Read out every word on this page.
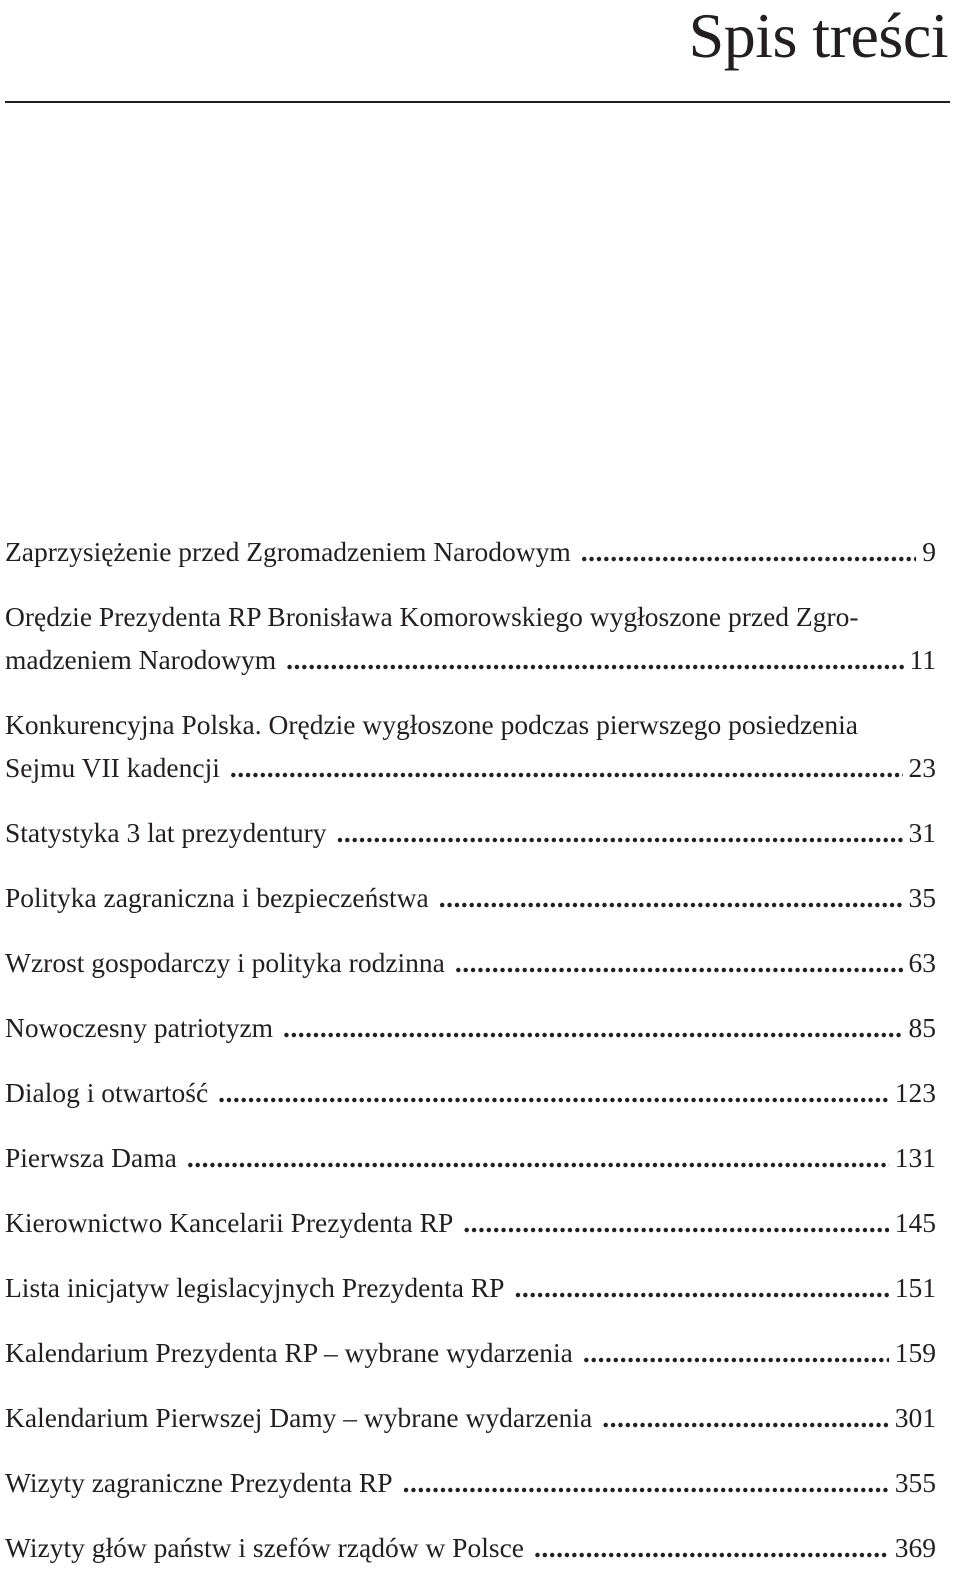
Spis treści
Zaprzysiężenie przed Zgromadzeniem Narodowym .....	9
Orędzie Prezydenta RP Bronisława Komorowskiego wygłoszone przed Zgro-
madzeniem Narodowym .....	11
Konkurencyjna Polska. Orędzie wygłoszone podczas pierwszego posiedzenia
Sejmu VII kadencji .....	23
Statystyka 3 lat prezydentury .....	31
Polityka zagraniczna i bezpieczeństwa .....	35
Wzrost gospodarczy i polityka rodzinna .....	63
Nowoczesny patriotyzm .....	85
Dialog i otwartość .....	123
Pierwsza Dama .....	131
Kierownictwo Kancelarii Prezydenta RP .....	145
Lista inicjatyw legislacyjnych Prezydenta RP .....	151
Kalendarium Prezydenta RP – wybrane wydarzenia .....	159
Kalendarium Pierwszej Damy – wybrane wydarzenia .....	301
Wizyty zagraniczne Prezydenta RP .....	355
Wizyty głów państw i szefów rządów w Polsce .....	369
